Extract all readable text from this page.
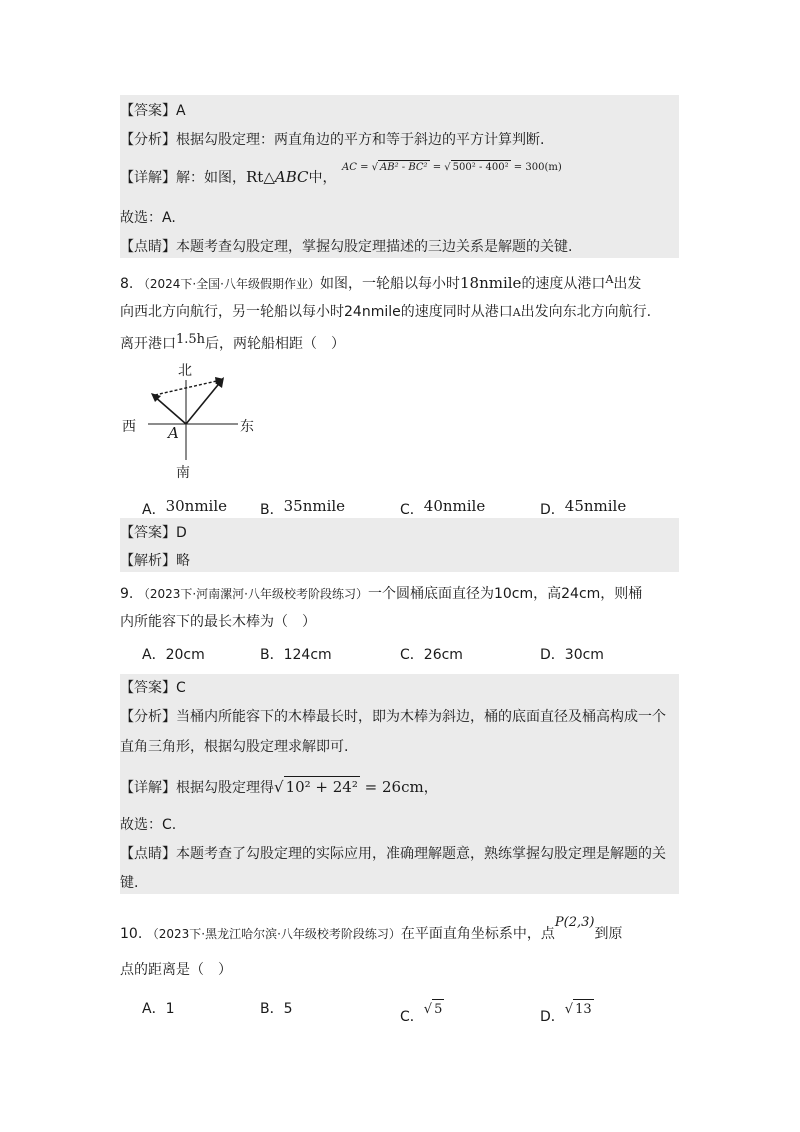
【答案】A
【分析】根据勾股定理：两直角边的平方和等于斜边的平方计算判断.
【详解】解：如图，Rt△ABC中，
AC = √ AB² - BC² = √ 500² - 400² = 300(m)
故选：A.
【点睛】本题考查勾股定理，掌握勾股定理描述的三边关系是解题的关键.
8. （2024下·全国·八年级假期作业）如图，一轮船以每小时18nmile的速度从港口$^A$出发
向西北方向航行，另一轮船以每小时24nmile的速度同时从港口A出发向东北方向航行.
离开港口1.5h后，两轮船相距（　）
北
西	东
A
南
A．30nmile B．35nmile	C．40nmile	D．45nmile
【答案】D
【解析】略
9. （2023下·河南漯河·八年级校考阶段练习）一个圆桶底面直径为10cm，高24cm，则桶
内所能容下的最长木棒为（　）
A．20cm	B．124cm	C．26cm	D．30cm
【答案】C
【分析】当桶内所能容下的木棒最长时，即为木棒为斜边，桶的底面直径及桶高构成一个
直角三角形，根据勾股定理求解即可.
【详解】根据勾股定理得√ 10² + 24² = 26cm，
故选：C.
【点睛】本题考查了勾股定理的实际应用，准确理解题意，熟练掌握勾股定理是解题的关
键.
10. （2023下·黑龙江哈尔滨·八年级校考阶段练习）在平面直角坐标系中，点P(2,3)到原
点的距离是（　）
A．1	B．5	C．√ 5	D．√ 13
